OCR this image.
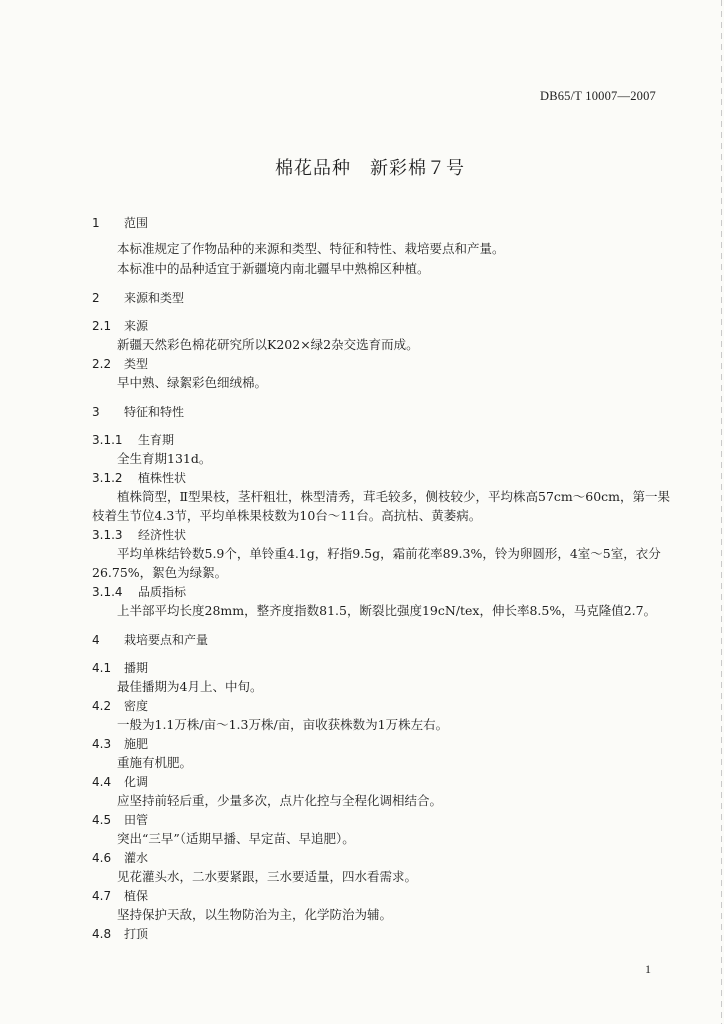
DB65/T 10007—2007
棉花品种　新彩棉７号
1 范围
本标准规定了作物品种的来源和类型、特征和特性、栽培要点和产量。
本标准中的品种适宜于新疆境内南北疆早中熟棉区种植。
2 来源和类型
2.1 来源
新疆天然彩色棉花研究所以K202×绿2杂交选育而成。
2.2 类型
早中熟、绿絮彩色细绒棉。
3 特征和特性
3.1.1 生育期
全生育期131d。
3.1.2 植株性状
植株筒型，Ⅱ型果枝，茎杆粗壮，株型清秀，茸毛较多，侧枝较少，平均株高57cm～60cm，第一果
枝着生节位4.3节，平均单株果枝数为10台～11台。高抗枯、黄萎病。
3.1.3 经济性状
平均单株结铃数5.9个，单铃重4.1g，籽指9.5g，霜前花率89.3%，铃为卵圆形，4室～5室，衣分
26.75%，絮色为绿絮。
3.1.4 品质指标
上半部平均长度28mm，整齐度指数81.5，断裂比强度19cN/tex，伸长率8.5%，马克隆值2.7。
4 栽培要点和产量
4.1 播期
最佳播期为4月上、中旬。
4.2 密度
一般为1.1万株/亩～1.3万株/亩，亩收获株数为1万株左右。
4.3 施肥
重施有机肥。
4.4 化调
应坚持前轻后重，少量多次，点片化控与全程化调相结合。
4.5 田管
突出“三早”（适期早播、早定苗、早追肥）。
4.6 灌水
见花灌头水，二水要紧跟，三水要适量，四水看需求。
4.7 植保
坚持保护天敌，以生物防治为主，化学防治为辅。
4.8 打顶
1
